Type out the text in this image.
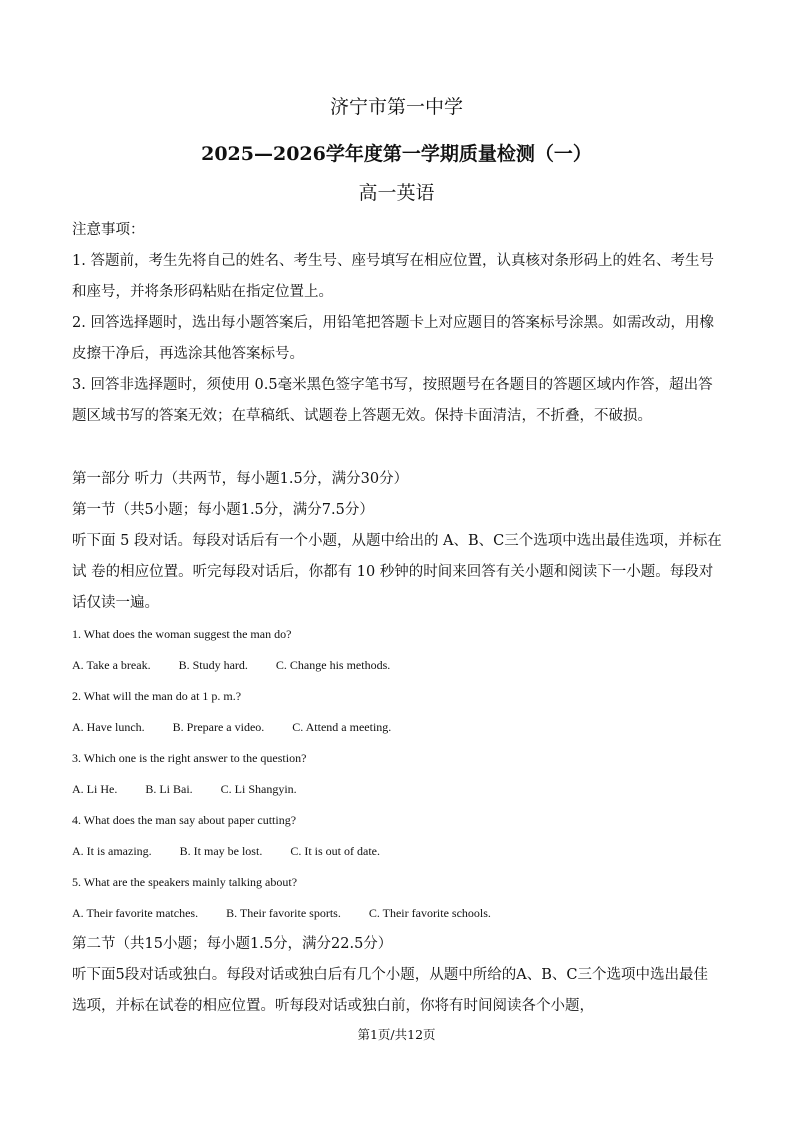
济宁市第一中学
2025—2026学年度第一学期质量检测（一）
高一英语

注意事项：

1. 答题前，考生先将自己的姓名、考生号、座号填写在相应位置，认真核对条形码上的姓名、考生号和座号，并将条形码粘贴在指定位置上。

2. 回答选择题时，选出每小题答案后，用铅笔把答题卡上对应题目的答案标号涂黑。如需改动，用橡皮擦干净后，再选涂其他答案标号。

3. 回答非选择题时，须使用 0.5毫米黑色签字笔书写，按照题号在各题目的答题区域内作答，超出答题区域书写的答案无效；在草稿纸、试题卷上答题无效。保持卡面清洁，不折叠，不破损。

第一部分 听力（共两节，每小题1.5分，满分30分）

第一节（共5小题；每小题1.5分，满分7.5分）

听下面 5 段对话。每段对话后有一个小题，从题中给出的 A、B、C三个选项中选出最佳选项，并标在试 卷的相应位置。听完每段对话后，你都有 10 秒钟的时间来回答有关小题和阅读下一小题。每段对话仅读一遍。

1. What does the woman suggest the man do?

A. Take a break. B. Study hard. C. Change his methods.

2. What will the man do at 1 p. m.?

A. Have lunch. B. Prepare a video. C. Attend a meeting.

3. Which one is the right answer to the question?

A. Li He. B. Li Bai. C. Li Shangyin.

4. What does the man say about paper cutting?

A. It is amazing. B. It may be lost. C. It is out of date.

5. What are the speakers mainly talking about?

A. Their favorite matches. B. Their favorite sports. C. Their favorite schools.

第二节（共15小题；每小题1.5分，满分22.5分）

听下面5段对话或独白。每段对话或独白后有几个小题，从题中所给的A、B、C三个选项中选出最佳选项，并标在试卷的相应位置。听每段对话或独白前，你将有时间阅读各个小题，

第1页/共12页
